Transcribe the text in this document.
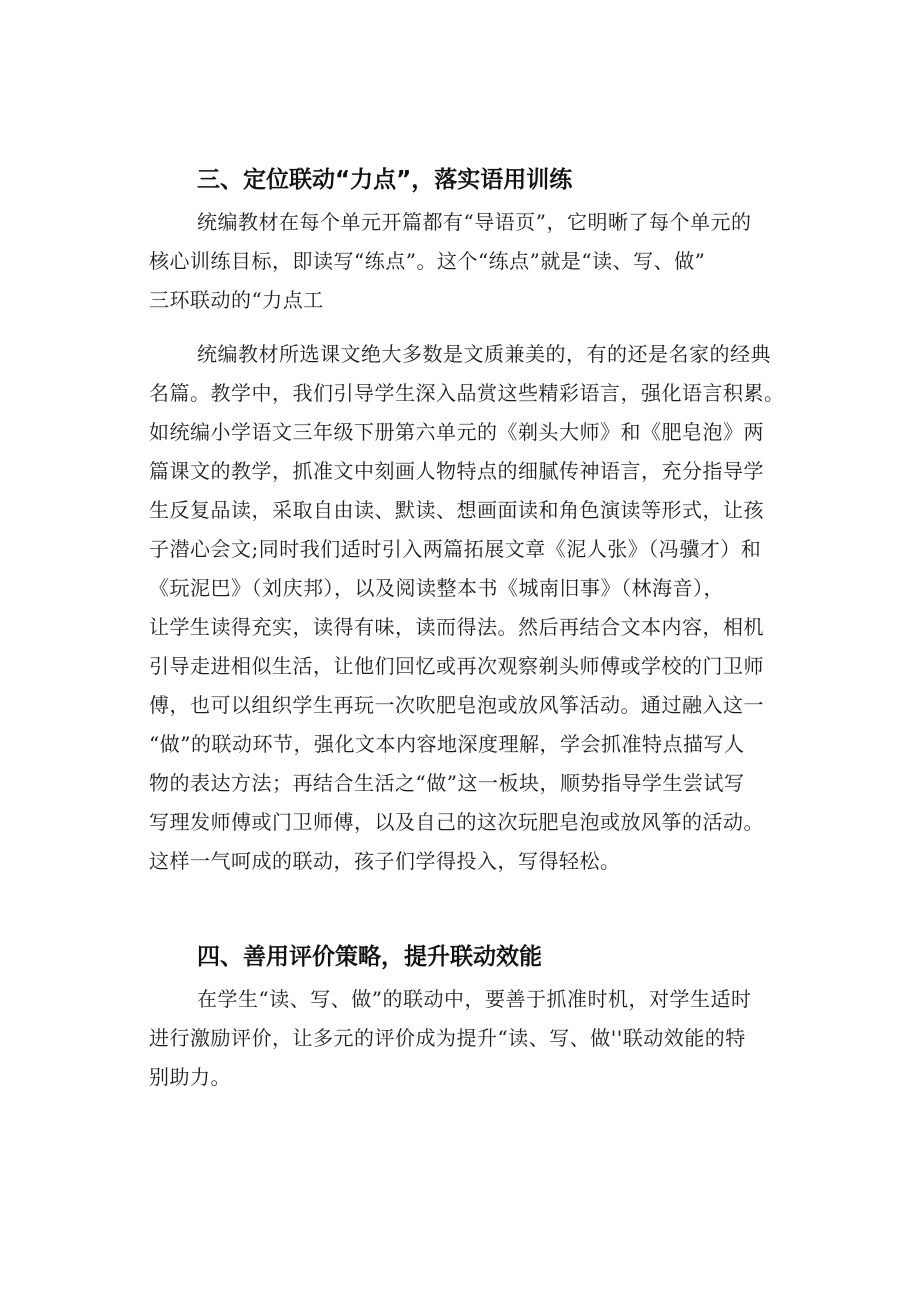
三、定位联动“力点”，落实语用训练
统编教材在每个单元开篇都有“导语页”，它明晰了每个单元的
核心训练目标，即读写“练点”。这个“练点”就是“读、写、做”
三环联动的“力点工
统编教材所选课文绝大多数是文质兼美的，有的还是名家的经典
名篇。教学中，我们引导学生深入品赏这些精彩语言，强化语言积累。
如统编小学语文三年级下册第六单元的《剃头大师》和《肥皂泡》两
篇课文的教学，抓准文中刻画人物特点的细腻传神语言，充分指导学
生反复品读，采取自由读、默读、想画面读和角色演读等形式，让孩
子潜心会文;同时我们适时引入两篇拓展文章《泥人张》（冯骥才）和
《玩泥巴》（刘庆邦），以及阅读整本书《城南旧事》（林海音），
让学生读得充实，读得有味，读而得法。然后再结合文本内容，相机
引导走进相似生活，让他们回忆或再次观察剃头师傅或学校的门卫师
傅，也可以组织学生再玩一次吹肥皂泡或放风筝活动。通过融入这一
“做”的联动环节，强化文本内容地深度理解，学会抓准特点描写人
物的表达方法；再结合生活之“做”这一板块，顺势指导学生尝试写
写理发师傅或门卫师傅，以及自己的这次玩肥皂泡或放风筝的活动。
这样一气呵成的联动，孩子们学得投入，写得轻松。
四、善用评价策略，提升联动效能
在学生“读、写、做”的联动中，要善于抓准时机，对学生适时
进行激励评价，让多元的评价成为提升“读、写、做''联动效能的特
别助力。
